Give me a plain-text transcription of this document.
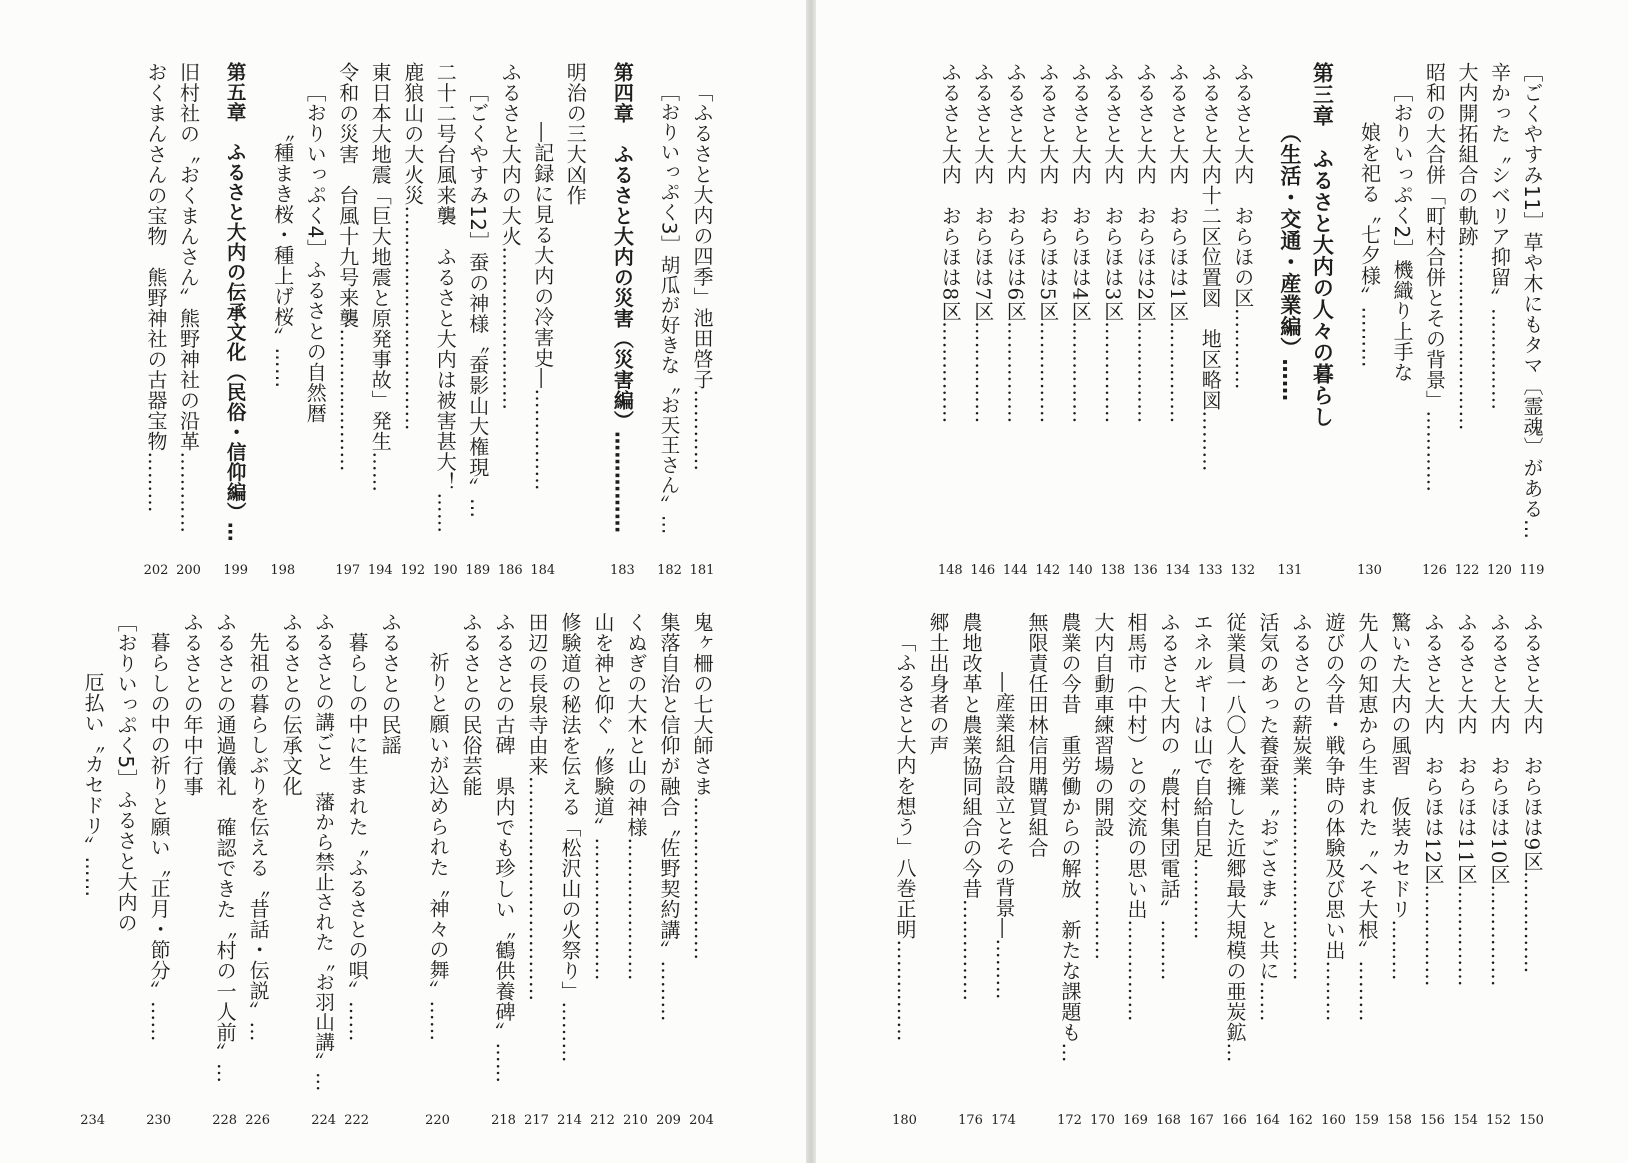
［ごくやすみ11］草や木にもタマ〔霊魂〕がある…
119
辛かった〝シベリア抑留〟……………
120
大内開拓組合の軌跡………………………
122
昭和の大合併「町村合併とその背景」…………
126
［おりいっぷく2］機織り上手な
娘を祀る〝七夕様〟………
130
第三章　ふるさと大内の人々の暮らし
（生活・交通・産業編）……
131
ふるさと大内　おらほの区…………
132
ふるさと大内十二区位置図　地区略図………
133
ふるさと大内　おらほは1区……………
134
ふるさと大内　おらほは2区……………
136
ふるさと大内　おらほは3区……………
138
ふるさと大内　おらほは4区……………
140
ふるさと大内　おらほは5区……………
142
ふるさと大内　おらほは6区……………
144
ふるさと大内　おらほは7区……………
146
ふるさと大内　おらほは8区……………
148
ふるさと大内　おらほは9区……………
150
ふるさと大内　おらほは10区……………
152
ふるさと大内　おらほは11区……………
154
ふるさと大内　おらほは12区……………
156
驚いた大内の風習　仮装カセドリ………
158
先人の知恵から生まれた〝へそ大根〟………
159
遊びの今昔・戦争時の体験及び思い出………
160
ふるさとの薪炭業…………………………
162
活気のあった養蚕業〝おごさま〟と共に……
164
従業員一八〇人を擁した近郷最大規模の亜炭鉱…
166
エネルギーは山で自給自足…………
167
ふるさと大内の〝農村集団電話〟………
168
相馬市（中村）との交流の思い出……………
169
大内自動車練習場の開設………………
170
農業の今昔　重労働からの解放　新たな課題も…
172
無限責任田林信用購買組合
―産業組合設立とその背景―………
174
農地改革と農業協同組合の今昔……………
176
郷土出身者の声
「ふるさと大内を想う」八巻正明……………
180
「ふるさと大内の四季」池田啓子…………
181
［おりいっぷく3］胡瓜が好きな〝お天王さん〟…
182
第四章　ふるさと大内の災害（災害編）……………
183
明治の三大凶作
―記録に見る大内の冷害史―……………
184
ふるさと大内の大火……………………
186
［ごくやすみ12］蚕の神様〝蚕影山大権現〟…
189
二十二号台風来襲　ふるさと大内は被害甚大！……
190
鹿狼山の大火災……………………………
192
東日本大地震「巨大地震と原発事故」発生……
194
令和の災害　台風十九号来襲…………………
197
［おりいっぷく4］ふるさとの自然暦
〝種まき桜・種上げ桜〟……
198
第五章　ふるさと大内の伝承文化（民俗・信仰編）…
199
旧村社の〝おくまんさん〟熊野神社の沿革…………
200
おくまんさんの宝物　熊野神社の古器宝物………
202
鬼ヶ柵の七大師さま……………………
204
集落自治と信仰が融合〝佐野契約講〟………
209
くぬぎの大木と山の神様…………………
210
山を神と仰ぐ〝修験道〟…………………
212
修験道の秘法を伝える「松沢山の火祭り」………
214
田辺の長泉寺由来……………………………
217
ふるさとの古碑　県内でも珍しい〝鶴供養碑〟……
218
ふるさとの民俗芸能
祈りと願いが込められた〝神々の舞〟……
220
ふるさとの民謡
暮らしの中に生まれた〝ふるさとの唄〟……
222
ふるさとの講ごと　藩から禁止された〝お羽山講〟…
224
ふるさとの伝承文化
先祖の暮らしぶりを伝える〝昔話・伝説〟…
226
ふるさとの通過儀礼　確認できた〝村の一人前〟…
228
ふるさとの年中行事
暮らしの中の祈りと願い〝正月・節分〟……
230
［おりいっぷく5］ふるさと大内の
厄払い〝カセドリ〟……
234
